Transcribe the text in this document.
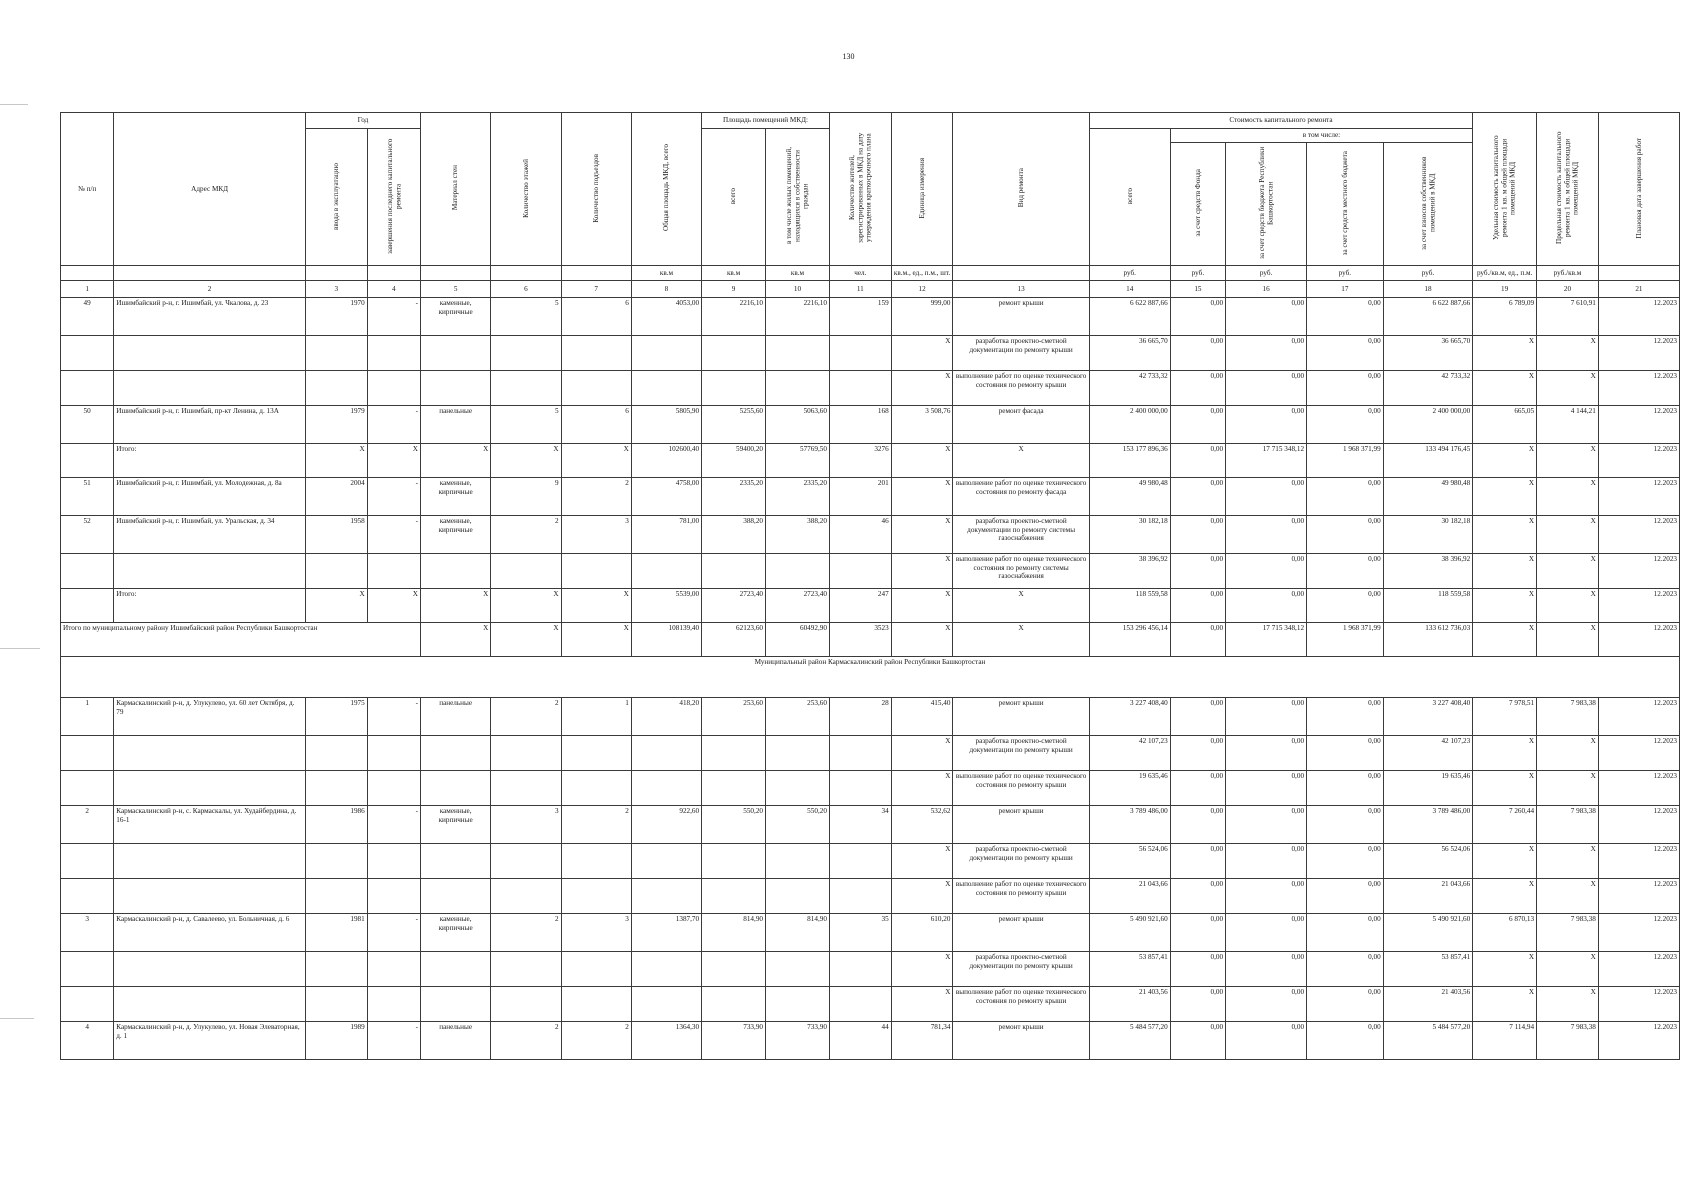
130
№ п/п	Адрес МКД	Год		Материал стен	Количество этажей	Количество подъездов	Общая площадь МКД, всего	Площадь помещений МКД:		Количество жителей, зарегистрированных в МКД на дату утверждения краткосрочного плана	Единица измерения	Вид ремонта	Стоимость капитального ремонта					Удельная стоимость капитального ремонта 1 кв. м общей площади помещений МКД	Предельная стоимость капитального ремонта 1 кв. м общей площади помещений МКД	Плановая дата завершения работ
		ввода в эксплуатацию	завершения последнего капитального ремонта					всего	в том числе жилых помещений, находящихся в собственности граждан				всего	в том числе:						
														за счет средств Фонда	за счет средств бюджета Республики Башкортостан	за счет средств местного бюджета	за счет взносов собственников помещений в МКД			
							кв.м	кв.м	кв.м	чел.	кв.м., ед., п.м., шт.		руб.	руб.	руб.	руб.	руб.	руб./кв.м, ед., п.м.	руб./кв.м	
1	2	3	4	5	6	7	8	9	10	11	12	13	14	15	16	17	18	19	20	21
49	Ишимбайский р-н, г. Ишимбай, ул. Чкалова, д. 23	1970	-	каменные, кирпичные	5	6	4053,00	2216,10	2216,10	159	999,00	ремонт крыши	6 622 887,66	0,00	0,00	0,00	6 622 887,66	6 789,09	7 610,91	12.2023
											X	разработка проектно-сметной документации по ремонту крыши	36 665,70	0,00	0,00	0,00	36 665,70	X	X	12.2023
											X	выполнение работ по оценке технического состояния по ремонту крыши	42 733,32	0,00	0,00	0,00	42 733,32	X	X	12.2023
50	Ишимбайский р-н, г. Ишимбай, пр-кт Ленина, д. 13А	1979	-	панельные	5	6	5805,90	5255,60	5063,60	168	3 508,76	ремонт фасада	2 400 000,00	0,00	0,00	0,00	2 400 000,00	665,05	4 144,21	12.2023
	Итого:	X	X	X	X	X	102600,40	59400,20	57769,50	3276	X	X	153 177 896,36	0,00	17 715 348,12	1 968 371,99	133 494 176,45	X	X	12.2023
51	Ишимбайский р-н, г. Ишимбай, ул. Молодежная, д. 8а	2004	-	каменные, кирпичные	9	2	4758,00	2335,20	2335,20	201	X	выполнение работ по оценке технического состояния по ремонту фасада	49 980,48	0,00	0,00	0,00	49 980,48	X	X	12.2023
52	Ишимбайский р-н, г. Ишимбай, ул. Уральская, д. 34	1958	-	каменные, кирпичные	2	3	781,00	388,20	388,20	46	X	разработка проектно-сметной документации по ремонту системы газоснабжения	30 182,18	0,00	0,00	0,00	30 182,18	X	X	12.2023
											X	выполнение работ по оценке технического состояния по ремонту системы газоснабжения	38 396,92	0,00	0,00	0,00	38 396,92	X	X	12.2023
	Итого:	X	X	X	X	X	5539,00	2723,40	2723,40	247	X	X	118 559,58	0,00	0,00	0,00	118 559,58	X	X	12.2023
Итого по муниципальному району Ишимбайский район Республики Башкортостан				X	X	X	108139,40	62123,60	60492,90	3523	X	X	153 296 456,14	0,00	17 715 348,12	1 968 371,99	133 612 736,03	X	X	12.2023
Муниципальный район Кармаскалинский район Республики Башкортостан																				
1	Кармаскалинский р-н, д. Улукулево, ул. 60 лет Октября, д. 79	1975	-	панельные	2	1	418,20	253,60	253,60	28	415,40	ремонт крыши	3 227 408,40	0,00	0,00	0,00	3 227 408,40	7 978,51	7 983,38	12.2023
											X	разработка проектно-сметной документации по ремонту крыши	42 107,23	0,00	0,00	0,00	42 107,23	X	X	12.2023
											X	выполнение работ по оценке технического состояния по ремонту крыши	19 635,46	0,00	0,00	0,00	19 635,46	X	X	12.2023
2	Кармаскалинский р-н, с. Кармаскалы, ул. Худайбердина, д. 16-1	1986	-	каменные, кирпичные	3	2	922,60	550,20	550,20	34	532,62	ремонт крыши	3 789 486,00	0,00	0,00	0,00	3 789 486,00	7 260,44	7 983,38	12.2023
											X	разработка проектно-сметной документации по ремонту крыши	56 524,06	0,00	0,00	0,00	56 524,06	X	X	12.2023
											X	выполнение работ по оценке технического состояния по ремонту крыши	21 043,66	0,00	0,00	0,00	21 043,66	X	X	12.2023
3	Кармаскалинский р-н, д. Савалеево, ул. Больничная, д. 6	1981	-	каменные, кирпичные	2	3	1387,70	814,90	814,90	35	610,20	ремонт крыши	5 490 921,60	0,00	0,00	0,00	5 490 921,60	6 870,13	7 983,38	12.2023
											X	разработка проектно-сметной документации по ремонту крыши	53 857,41	0,00	0,00	0,00	53 857,41	X	X	12.2023
											X	выполнение работ по оценке технического состояния по ремонту крыши	21 403,56	0,00	0,00	0,00	21 403,56	X	X	12.2023
4	Кармаскалинский р-н, д. Улукулево, ул. Новая Элеваторная, д. 1	1989	-	панельные	2	2	1364,30	733,90	733,90	44	781,34	ремонт крыши	5 484 577,20	0,00	0,00	0,00	5 484 577,20	7 114,94	7 983,38	12.2023
